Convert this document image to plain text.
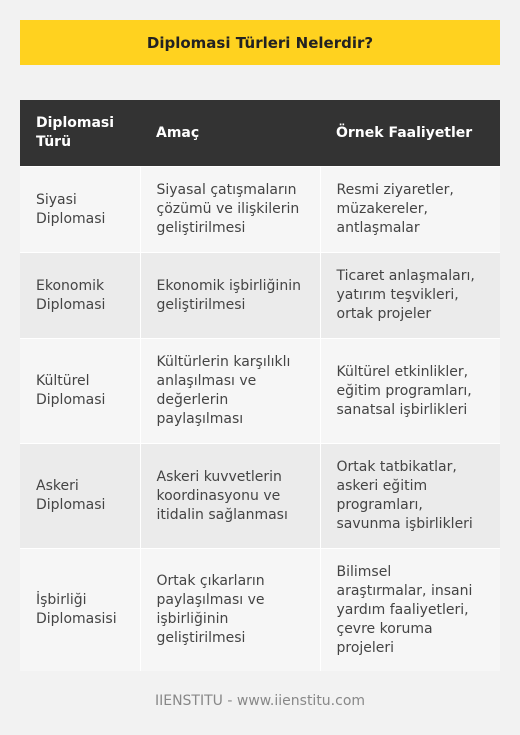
Diplomasi Türleri Nelerdir?
Diplomasi Türü	Amaç	Örnek Faaliyetler
Siyasi Diplomasi	Siyasal çatışmaların çözümü ve ilişkilerin geliştirilmesi	Resmi ziyaretler, müzakereler, antlaşmalar
Ekonomik Diplomasi	Ekonomik işbirliğinin geliştirilmesi	Ticaret anlaşmaları, yatırım teşvikleri, ortak projeler
Kültürel Diplomasi	Kültürlerin karşılıklı anlaşılması ve değerlerin paylaşılması	Kültürel etkinlikler, eğitim programları, sanatsal işbirlikleri
Askeri Diplomasi	Askeri kuvvetlerin koordinasyonu ve itidalin sağlanması	Ortak tatbikatlar, askeri eğitim programları, savunma işbirlikleri
İşbirliği Diplomasisi	Ortak çıkarların paylaşılması ve işbirliğinin geliştirilmesi	Bilimsel araştırmalar, insani yardım faaliyetleri, çevre koruma projeleri
IIENSTITU - www.iienstitu.com
